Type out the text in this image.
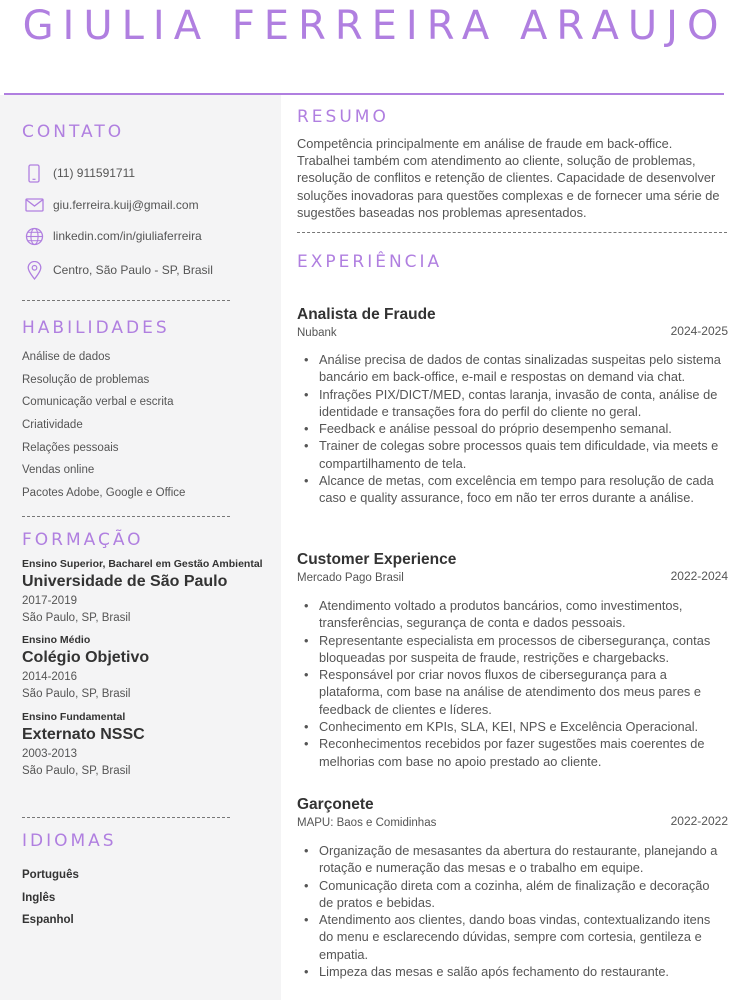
GIULIA FERREIRA ARAUJO
CONTATO
(11) 911591711
giu.ferreira.kuij@gmail.com
linkedin.com/in/giuliaferreira
Centro, São Paulo - SP, Brasil
HABILIDADES
Análise de dados
Resolução de problemas
Comunicação verbal e escrita
Criatividade
Relações pessoais
Vendas online
Pacotes Adobe, Google e Office
FORMAÇÃO
Ensino Superior, Bacharel em Gestão Ambiental
Universidade de São Paulo
2017-2019
São Paulo, SP, Brasil
Ensino Médio
Colégio Objetivo
2014-2016
São Paulo, SP, Brasil
Ensino Fundamental
Externato NSSC
2003-2013
São Paulo, SP, Brasil
IDIOMAS
Português
Inglês
Espanhol
RESUMO

Competência principalmente em análise de fraude em back-office. Trabalhei também com atendimento ao cliente, solução de problemas, resolução de conflitos e retenção de clientes. Capacidade de desenvolver soluções inovadoras para questões complexas e de fornecer uma série de sugestões baseadas nos problemas apresentados.

EXPERIÊNCIA
Analista de Fraude
Nubank	2024-2025
• Análise precisa de dados de contas sinalizadas suspeitas pelo sistema bancário em back-office, e-mail e respostas on demand via chat.
• Infrações PIX/DICT/MED, contas laranja, invasão de conta, análise de identidade e transações fora do perfil do cliente no geral.
• Feedback e análise pessoal do próprio desempenho semanal.
• Trainer de colegas sobre processos quais tem dificuldade, via meets e compartilhamento de tela.
• Alcance de metas, com excelência em tempo para resolução de cada caso e quality assurance, foco em não ter erros durante a análise.
Customer Experience
Mercado Pago Brasil	2022-2024
• Atendimento voltado a produtos bancários, como investimentos, transferências, segurança de conta e dados pessoais.
• Representante especialista em processos de cibersegurança, contas bloqueadas por suspeita de fraude, restrições e chargebacks.
• Responsável por criar novos fluxos de cibersegurança para a plataforma, com base na análise de atendimento dos meus pares e feedback de clientes e líderes.
• Conhecimento em KPIs, SLA, KEI, NPS e Excelência Operacional.
• Reconhecimentos recebidos por fazer sugestões mais coerentes de melhorias com base no apoio prestado ao cliente.
Garçonete
MAPU: Baos e Comidinhas	2022-2022
• Organização de mesasantes da abertura do restaurante, planejando a rotação e numeração das mesas e o trabalho em equipe.
• Comunicação direta com a cozinha, além de finalização e decoração de pratos e bebidas.
• Atendimento aos clientes, dando boas vindas, contextualizando itens do menu e esclarecendo dúvidas, sempre com cortesia, gentileza e empatia.
• Limpeza das mesas e salão após fechamento do restaurante.
